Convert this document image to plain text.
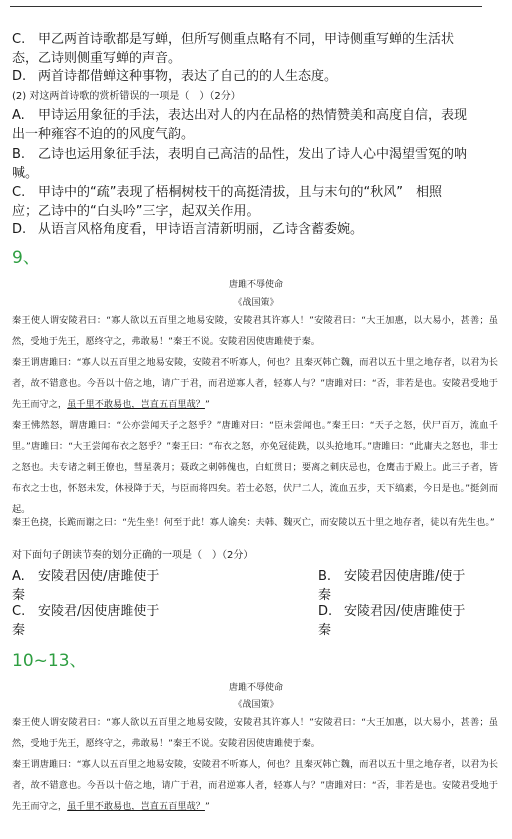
C. 甲乙两首诗歌都是写蝉，但所写侧重点略有不同，甲诗侧重写蝉的生活状
态，乙诗则侧重写蝉的声音。
D. 两首诗都借蝉这种事物，表达了自己的的人生态度。
(2) 对这两首诗歌的赏析错误的一项是（　）（2分）
A. 甲诗运用象征的手法，表达出对人的内在品格的热情赞美和高度自信，表现
出一种雍容不迫的的风度气韵。
B. 乙诗也运用象征手法，表明自己高洁的品性，发出了诗人心中渴望雪冤的呐
喊。
C. 甲诗中的“疏”表现了梧桐树枝干的高挺清拔，且与末句的“秋风”　相照
应；乙诗中的“白头吟”三字，起双关作用。
D. 从语言风格角度看，甲诗语言清新明丽，乙诗含蓄委婉。
9、
唐雎不辱使命
《战国策》
秦王使人谓安陵君曰：“寡人欲以五百里之地易安陵，安陵君其许寡人！”安陵君曰：“大王加惠，以大易小，甚善；虽然，受地于先王，愿终守之，弗敢易！”秦王不说。安陵君因使唐雎使于秦。
秦王谓唐雎曰：“寡人以五百里之地易安陵，安陵君不听寡人，何也？且秦灭韩亡魏，而君以五十里之地存者，以君为长者，故不错意也。今吾以十倍之地，请广于君，而君逆寡人者，轻寡人与？”唐雎对曰：“否，非若是也。安陵君受地于先王而守之，虽千里不敢易也，岂直五百里哉？”
秦王怫然怒，谓唐雎曰：“公亦尝闻天子之怒乎？”唐雎对曰：“臣未尝闻也。”秦王曰：“天子之怒，伏尸百万，流血千里。”唐雎曰：“大王尝闻布衣之怒乎？”秦王曰：“布衣之怒，亦免冠徒跣，以头抢地耳。”唐雎曰：“此庸夫之怒也，非士之怒也。夫专诸之刺王僚也，彗星袭月；聂政之刺韩傀也，白虹贯日；要离之刺庆忌也，仓鹰击于殿上。此三子者，皆布衣之士也，怀怒未发，休祲降于天，与臣而将四矣。若士必怒，伏尸二人，流血五步，天下缟素，今日是也。”挺剑而起。
秦王色挠，长跪而谢之曰：“先生坐！何至于此！寡人谕矣：夫韩、魏灭亡，而安陵以五十里之地存者，徒以有先生也。”
对下面句子朗读节奏的划分正确的一项是（　）（2分）
A. 安陵君因使/唐雎使于
秦
B. 安陵君因使唐雎/使于
秦
C. 安陵君/因使唐雎使于
秦
D. 安陵君因/使唐雎使于
秦
10~13、
唐雎不辱使命
《战国策》
秦王使人谓安陵君曰：“寡人欲以五百里之地易安陵，安陵君其许寡人！”安陵君曰：“大王加惠，以大易小，甚善；虽然，受地于先王，愿终守之，弗敢易！”秦王不说。安陵君因使唐雎使于秦。
秦王谓唐雎曰：“寡人以五百里之地易安陵，安陵君不听寡人，何也？且秦灭韩亡魏，而君以五十里之地存者，以君为长者，故不错意也。今吾以十倍之地，请广于君，而君逆寡人者，轻寡人与？”唐雎对曰：“否，非若是也。安陵君受地于先王而守之，虽千里不敢易也，岂直五百里哉？”
